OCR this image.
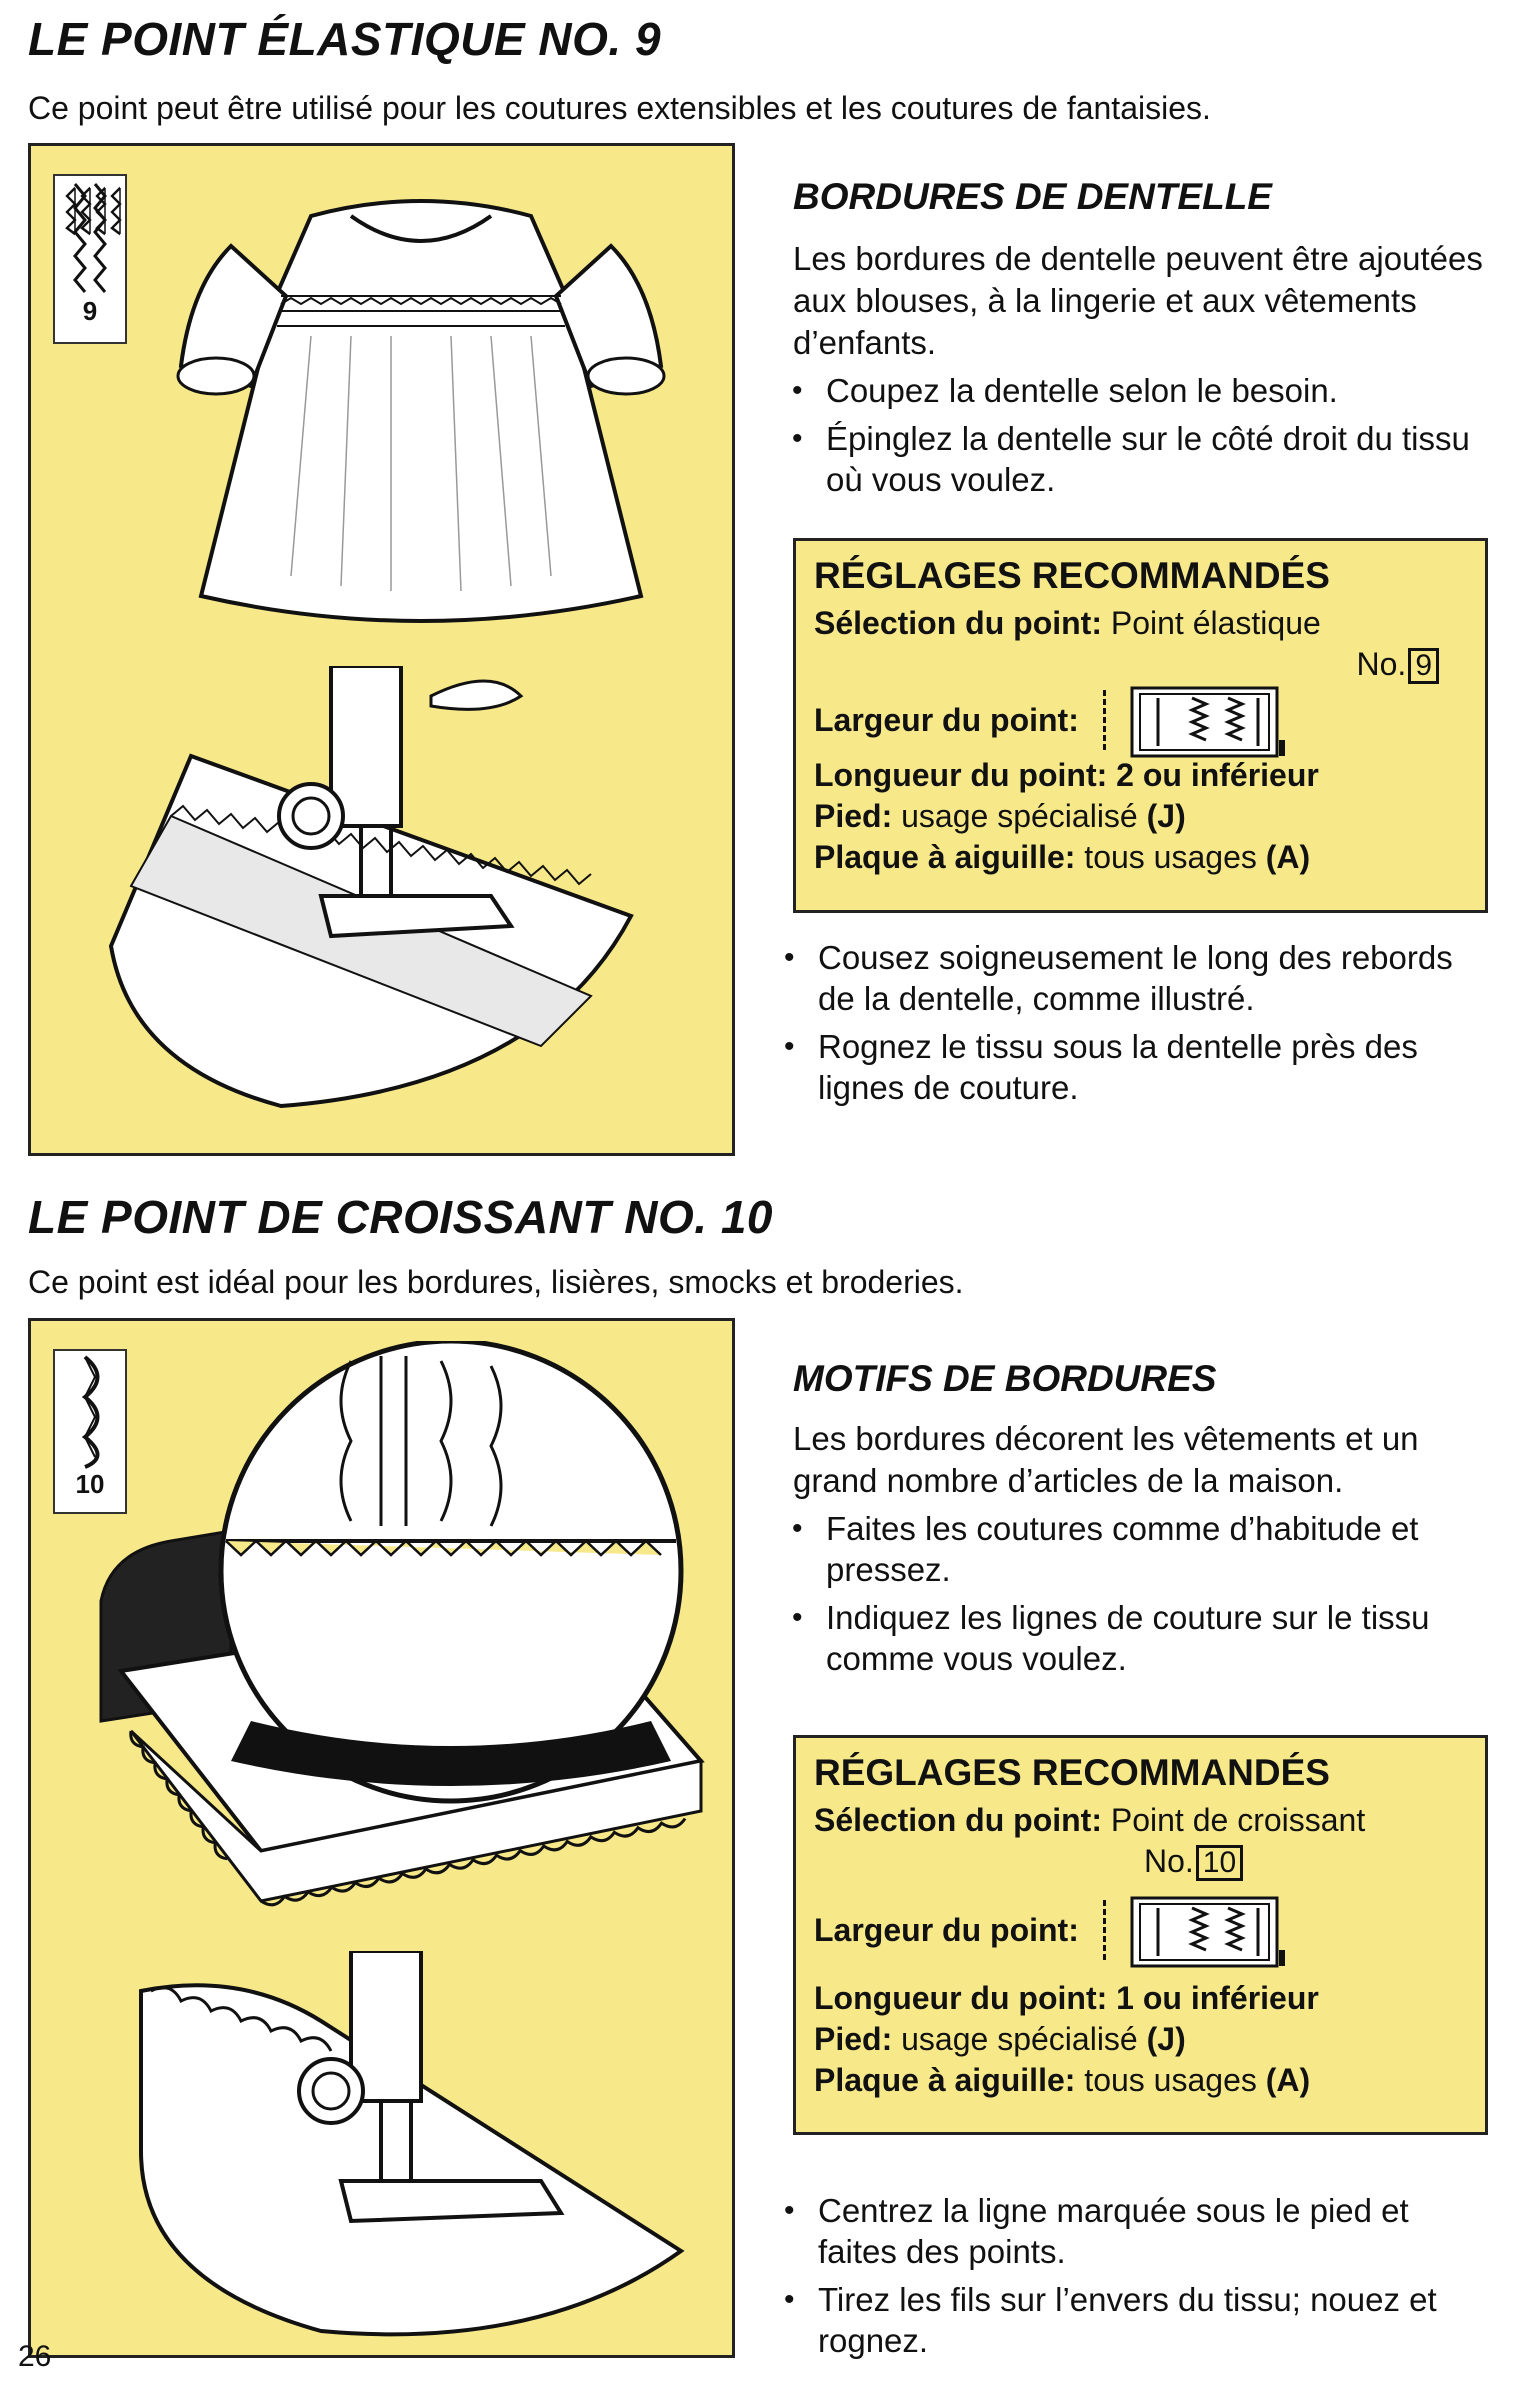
LE POINT ÉLASTIQUE NO. 9

Ce point peut être utilisé pour les coutures extensibles et les coutures de fantaisies.

9
BORDURES DE DENTELLE

Les bordures de dentelle peuvent être ajoutées aux blouses, à la lingerie et aux vêtements d’enfants.

• Coupez la dentelle selon le besoin.
• Épinglez la dentelle sur le côté droit du tissu où vous voulez.
RÉGLAGES RECOMMANDÉS
Sélection du point: Point élastique
No. 9
Largeur du point:
Longueur du point: 2 ou inférieur
Pied: usage spécialisé (J)
Plaque à aiguille: tous usages (A)
• Cousez soigneusement le long des rebords de la dentelle, comme illustré.
• Rognez le tissu sous la dentelle près des lignes de couture.
LE POINT DE CROISSANT NO. 10

Ce point est idéal pour les bordures, lisières, smocks et broderies.

10
MOTIFS DE BORDURES

Les bordures décorent les vêtements et un grand nombre d’articles de la maison.

• Faites les coutures comme d’habitude et pressez.
• Indiquez les lignes de couture sur le tissu comme vous voulez.
RÉGLAGES RECOMMANDÉS
Sélection du point: Point de croissant
No. 10
Largeur du point:
Longueur du point: 1 ou inférieur
Pied: usage spécialisé (J)
Plaque à aiguille: tous usages (A)
• Centrez la ligne marquée sous le pied et faites des points.
• Tirez les fils sur l’envers du tissu; nouez et rognez.
26
